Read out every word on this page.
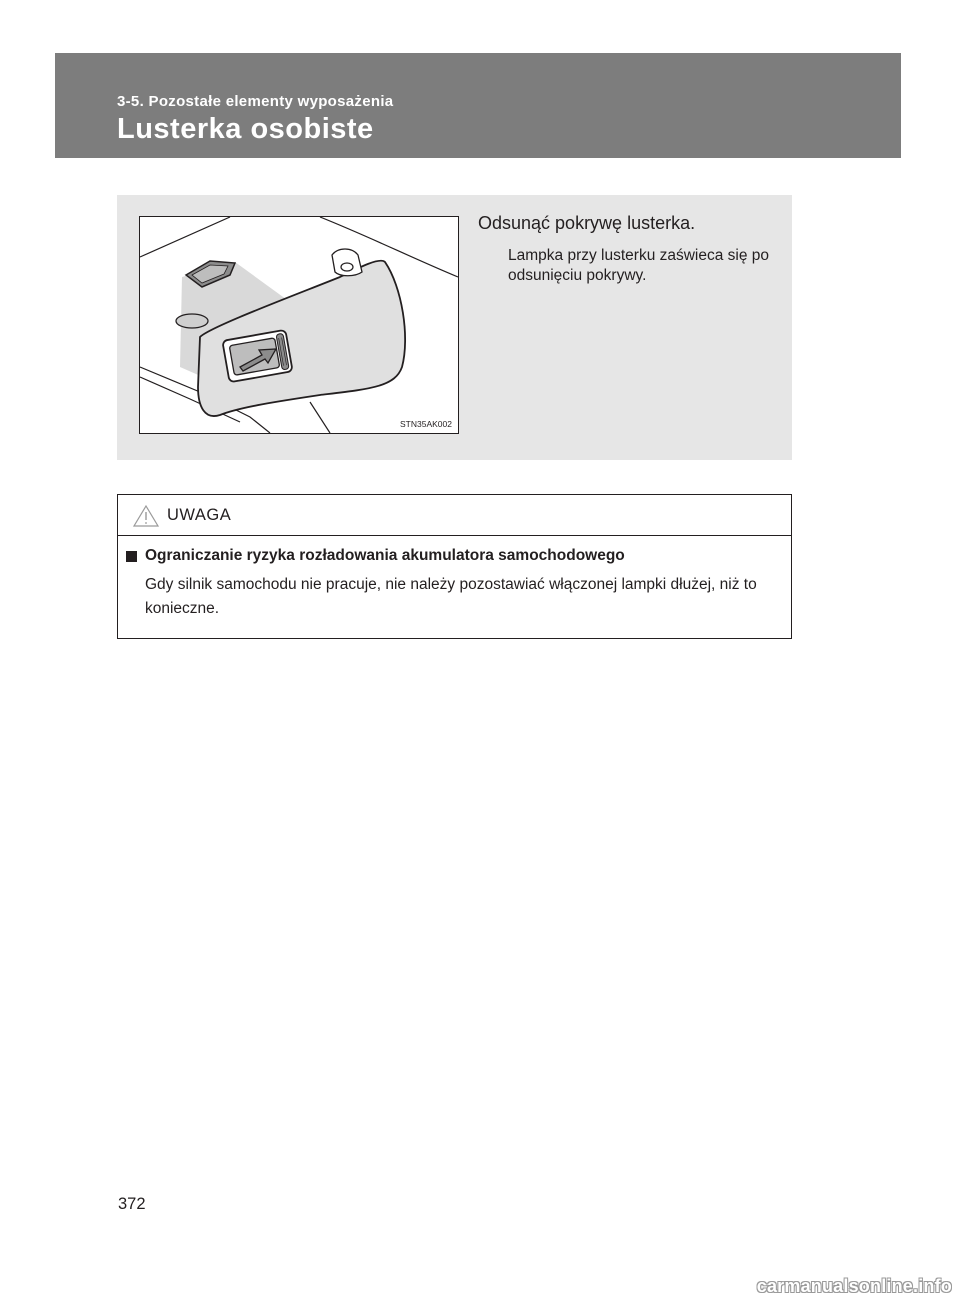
3-5. Pozostałe elementy wyposażenia
Lusterka osobiste
STN35AK002
Odsunąć pokrywę lusterka.
Lampka przy lusterku zaświeca się po odsunięciu pokrywy.
UWAGA

Ograniczanie ryzyka rozładowania akumulatora samochodowego

Gdy silnik samochodu nie pracuje, nie należy pozostawiać włączonej lampki dłużej, niż to konieczne.

372
carmanualsonline.info
